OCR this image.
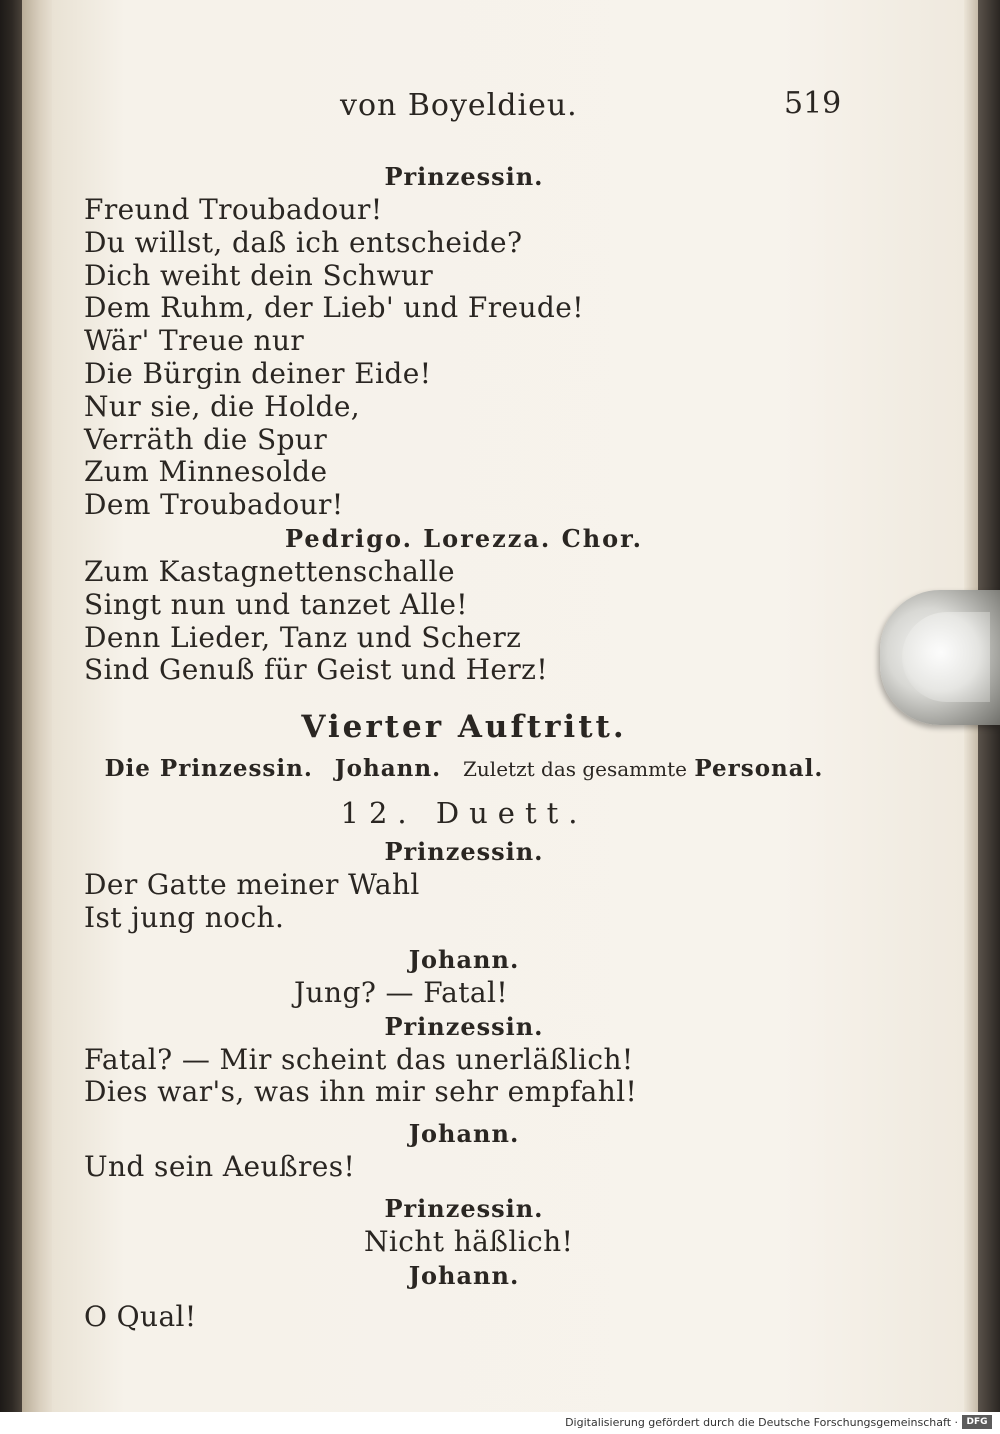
von Boyeldieu.	519
Prinzessin.
Freund Troubadour!
Du willst, daß ich entscheide?
Dich weiht dein Schwur
Dem Ruhm, der Lieb' und Freude!
Wär' Treue nur
Die Bürgin deiner Eide!
Nur sie, die Holde,
Verräth die Spur
Zum Minnesolde
Dem Troubadour!
Pedrigo. Lorezza. Chor.
Zum Kastagnettenschalle
Singt nun und tanzet Alle!
Denn Lieder, Tanz und Scherz
Sind Genuß für Geist und Herz!
Vierter Auftritt.
Die Prinzessin. Johann. Zuletzt das gesammte Personal.
12. Duett.
Prinzessin.
Der Gatte meiner Wahl
Ist jung noch.
Johann.
Jung? — Fatal!
Prinzessin.
Fatal? — Mir scheint das unerläßlich!
Dies war's, was ihn mir sehr empfahl!
Johann.
Und sein Aeußres!
Prinzessin.
Nicht häßlich!
Johann.
O Qual!
Digitalisierung gefördert durch die Deutsche Forschungsgemeinschaft · DFG
